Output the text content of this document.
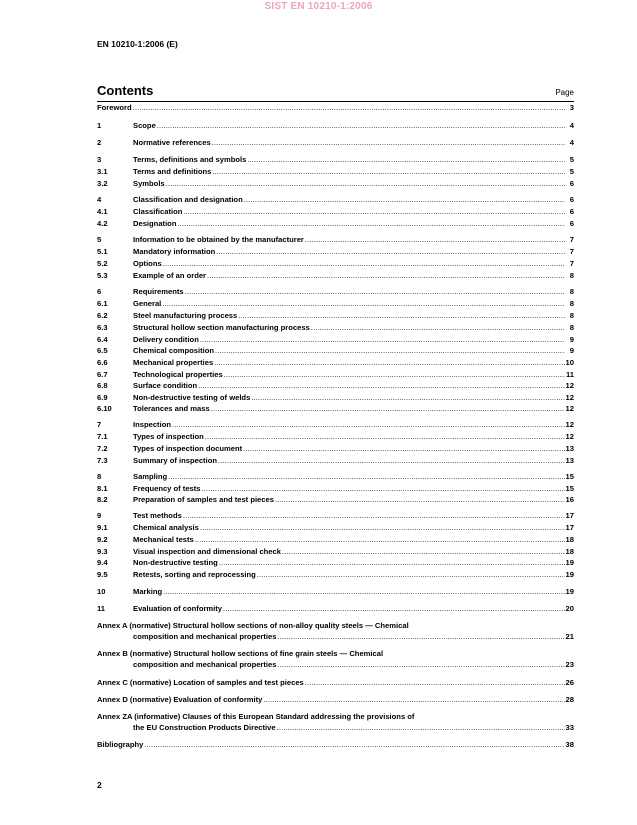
SIST EN 10210-1:2006
EN 10210-1:2006 (E)
Contents	Page
Foreword .....	3
1	Scope .....	4
2	Normative references .....	4
3	Terms, definitions and symbols .....	5
3.1	Terms and definitions .....	5
3.2	Symbols .....	6
4	Classification and designation .....	6
4.1	Classification .....	6
4.2	Designation .....	6
5	Information to be obtained by the manufacturer .....	7
5.1	Mandatory information .....	7
5.2	Options .....	7
5.3	Example of an order .....	8
6	Requirements .....	8
6.1	General .....	8
6.2	Steel manufacturing process .....	8
6.3	Structural hollow section manufacturing process .....	8
6.4	Delivery condition .....	9
6.5	Chemical composition .....	9
6.6	Mechanical properties .....	10
6.7	Technological properties .....	11
6.8	Surface condition .....	12
6.9	Non-destructive testing of welds .....	12
6.10	Tolerances and mass .....	12
7	Inspection .....	12
7.1	Types of inspection .....	12
7.2	Types of inspection document .....	13
7.3	Summary of inspection .....	13
8	Sampling .....	15
8.1	Frequency of tests .....	15
8.2	Preparation of samples and test pieces .....	16
9	Test methods .....	17
9.1	Chemical analysis .....	17
9.2	Mechanical tests .....	18
9.3	Visual inspection and dimensional check .....	18
9.4	Non-destructive testing .....	19
9.5	Retests, sorting and reprocessing .....	19
10	Marking .....	19
11	Evaluation of conformity .....	20
Annex A (normative) Structural hollow sections of non-alloy quality steels — Chemical
composition and mechanical properties .....	21
Annex B (normative) Structural hollow sections of fine grain steels — Chemical
composition and mechanical properties .....	23
Annex C (normative) Location of samples and test pieces .....	26
Annex D (normative) Evaluation of conformity .....	28
Annex ZA (informative) Clauses of this European Standard addressing the provisions of
the EU Construction Products Directive .....	33
Bibliography .....	38
2
